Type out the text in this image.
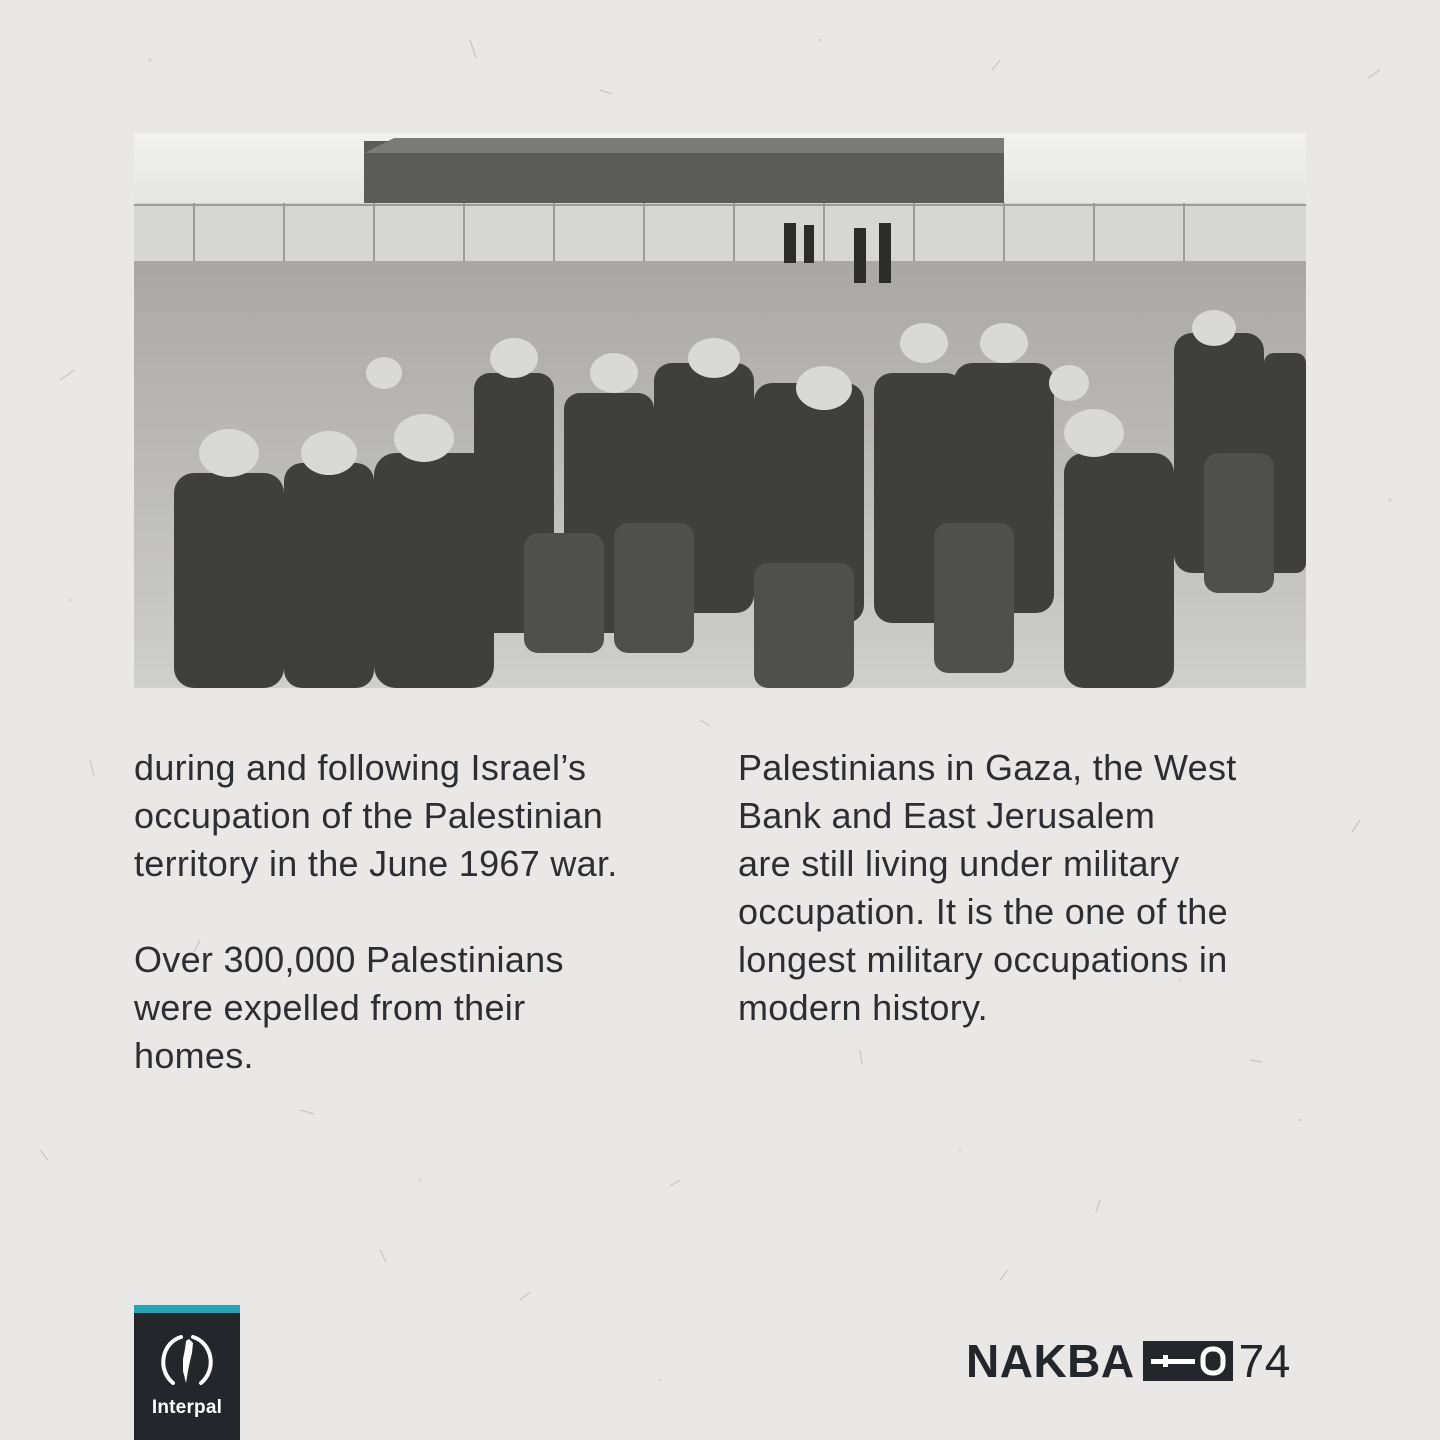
during and following Israel’s
occupation of the Palestinian
territory in the June 1967 war.

Over 300,000 Palestinians
were expelled from their
homes.

Palestinians in Gaza, the West
Bank and East Jerusalem
are still living under military
occupation. It is the one of the
longest military occupations in
modern history.

Interpal
NAKBA 74
